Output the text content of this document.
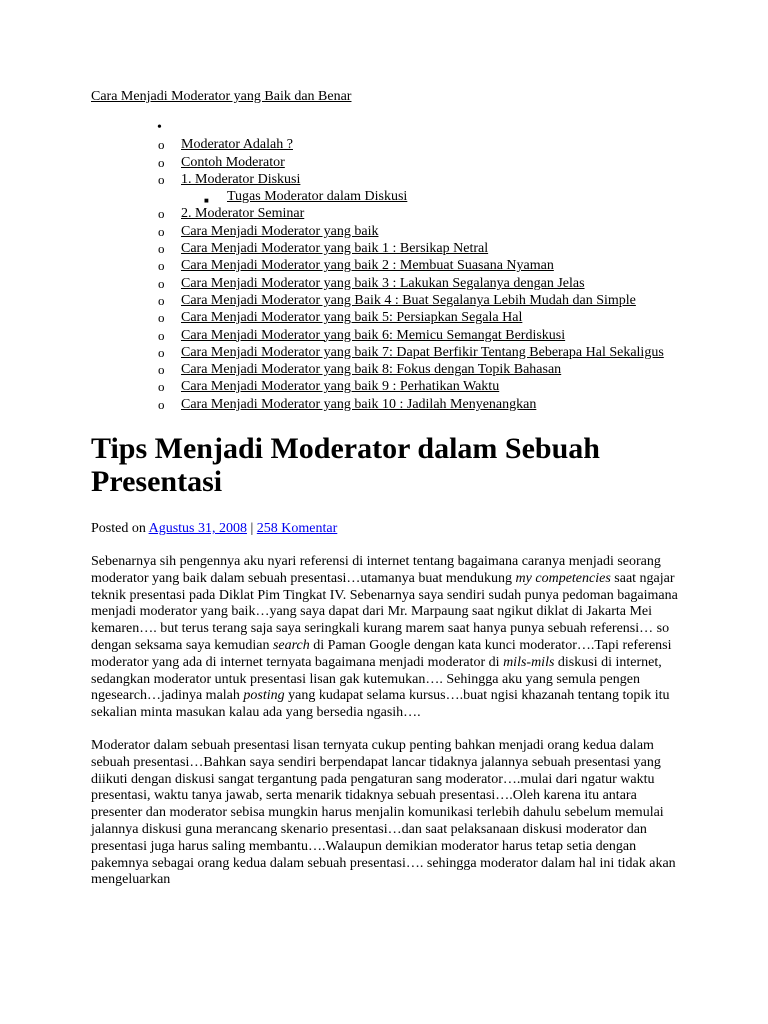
Cara Menjadi Moderator yang Baik dan Benar
•

o Moderator Adalah ?
o Contoh Moderator
o 1. Moderator Diskusi
■ Tugas Moderator dalam Diskusi
o 2. Moderator Seminar
o Cara Menjadi Moderator yang baik
o Cara Menjadi Moderator yang baik 1 : Bersikap Netral
o Cara Menjadi Moderator yang baik 2 : Membuat Suasana Nyaman
o Cara Menjadi Moderator yang baik 3 : Lakukan Segalanya dengan Jelas
o Cara Menjadi Moderator yang Baik 4 : Buat Segalanya Lebih Mudah dan Simple
o Cara Menjadi Moderator yang baik 5: Persiapkan Segala Hal
o Cara Menjadi Moderator yang baik 6: Memicu Semangat Berdiskusi
o Cara Menjadi Moderator yang baik 7: Dapat Berfikir Tentang Beberapa Hal Sekaligus
o Cara Menjadi Moderator yang baik 8: Fokus dengan Topik Bahasan
o Cara Menjadi Moderator yang baik 9 : Perhatikan Waktu
o Cara Menjadi Moderator yang baik 10 : Jadilah Menyenangkan
Tips Menjadi Moderator dalam Sebuah Presentasi
Posted on Agustus 31, 2008 | 258 Komentar

Sebenarnya sih pengennya aku nyari referensi di internet tentang bagaimana caranya menjadi seorang moderator yang baik dalam sebuah presentasi…utamanya buat mendukung my competencies saat ngajar teknik presentasi pada Diklat Pim Tingkat IV. Sebenarnya saya sendiri sudah punya pedoman bagaimana menjadi moderator yang baik…yang saya dapat dari Mr. Marpaung saat ngikut diklat di Jakarta Mei kemaren…. but terus terang saja saya seringkali kurang marem saat hanya punya sebuah referensi… so dengan seksama saya kemudian search di Paman Google dengan kata kunci moderator….Tapi referensi moderator yang ada di internet ternyata bagaimana menjadi moderator di mils-mils diskusi di internet, sedangkan moderator untuk presentasi lisan gak kutemukan…. Sehingga aku yang semula pengen ngesearch…jadinya malah posting yang kudapat selama kursus….buat ngisi khazanah tentang topik itu sekalian minta masukan kalau ada yang bersedia ngasih….

Moderator dalam sebuah presentasi lisan ternyata cukup penting bahkan menjadi orang kedua dalam sebuah presentasi…Bahkan saya sendiri berpendapat lancar tidaknya jalannya sebuah presentasi yang diikuti dengan diskusi sangat tergantung pada pengaturan sang moderator….mulai dari ngatur waktu presentasi, waktu tanya jawab, serta menarik tidaknya sebuah presentasi….Oleh karena itu antara presenter dan moderator sebisa mungkin harus menjalin komunikasi terlebih dahulu sebelum memulai jalannya diskusi guna merancang skenario presentasi…dan saat pelaksanaan diskusi moderator dan presentasi juga harus saling membantu….Walaupun demikian moderator harus tetap setia dengan pakemnya sebagai orang kedua dalam sebuah presentasi…. sehingga moderator dalam hal ini tidak akan mengeluarkan
